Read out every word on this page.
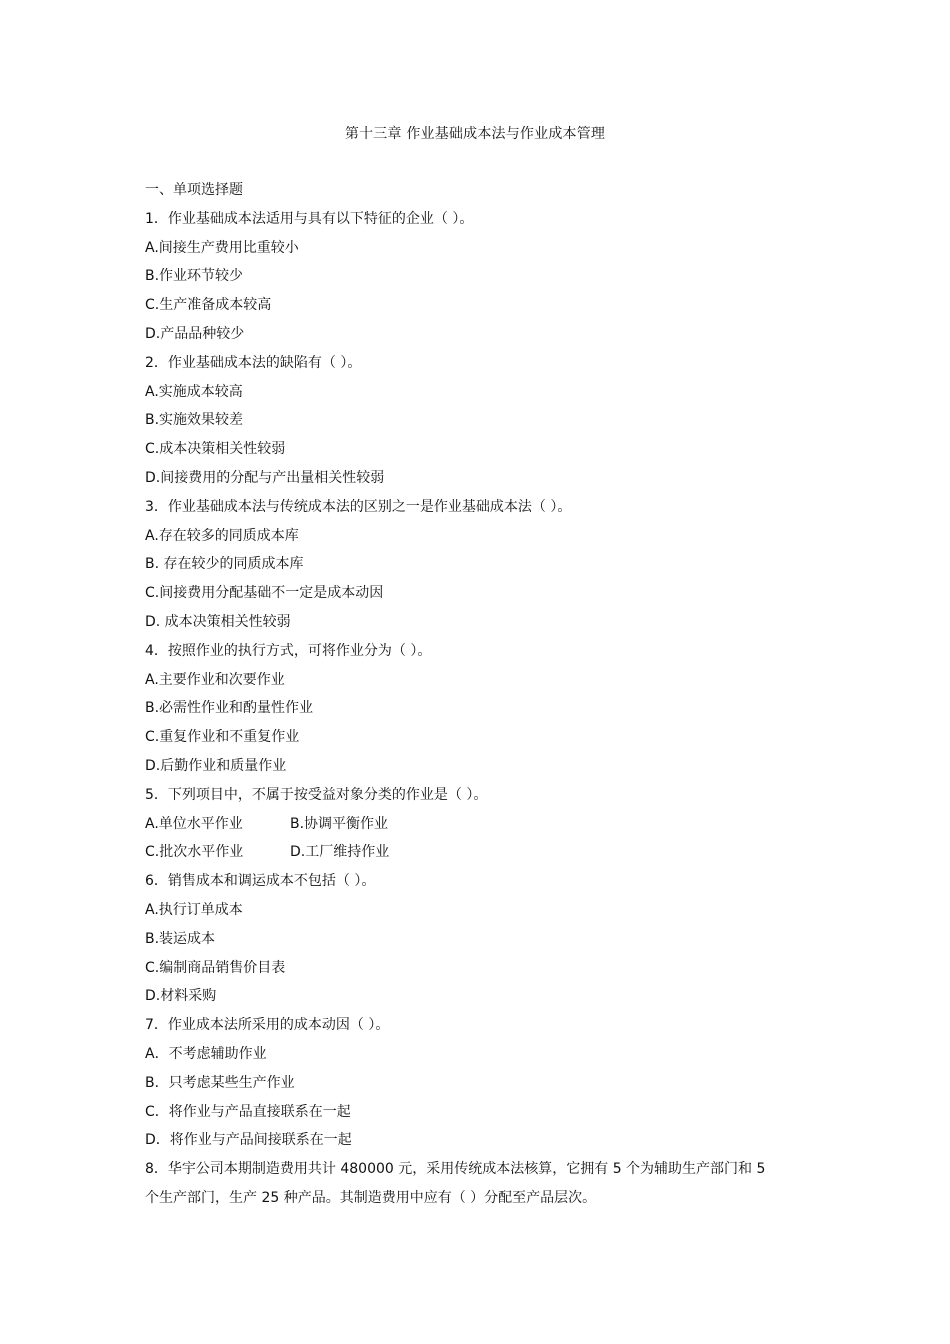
第十三章 作业基础成本法与作业成本管理
一、单项选择题
1．作业基础成本法适用与具有以下特征的企业（ ）。
A.间接生产费用比重较小
B.作业环节较少
C.生产准备成本较高
D.产品品种较少
2．作业基础成本法的缺陷有（ ）。
A.实施成本较高
B.实施效果较差
C.成本决策相关性较弱
D.间接费用的分配与产出量相关性较弱
3．作业基础成本法与传统成本法的区别之一是作业基础成本法（ ）。
A.存在较多的同质成本库
B. 存在较少的同质成本库
C.间接费用分配基础不一定是成本动因
D. 成本决策相关性较弱
4．按照作业的执行方式，可将作业分为（ ）。
A.主要作业和次要作业
B.必需性作业和酌量性作业
C.重复作业和不重复作业
D.后勤作业和质量作业
5．下列项目中，不属于按受益对象分类的作业是（ ）。
A.单位水平作业	B.协调平衡作业
C.批次水平作业	D.工厂维持作业
6．销售成本和调运成本不包括（ ）。
A.执行订单成本
B.装运成本
C.编制商品销售价目表
D.材料采购
7．作业成本法所采用的成本动因（ ）。
A．不考虑辅助作业
B．只考虑某些生产作业
C．将作业与产品直接联系在一起
D．将作业与产品间接联系在一起
8．华宇公司本期制造费用共计 480000 元，采用传统成本法核算，它拥有 5 个为辅助生产部门和 5
个生产部门，生产 25 种产品。其制造费用中应有（ ）分配至产品层次。
